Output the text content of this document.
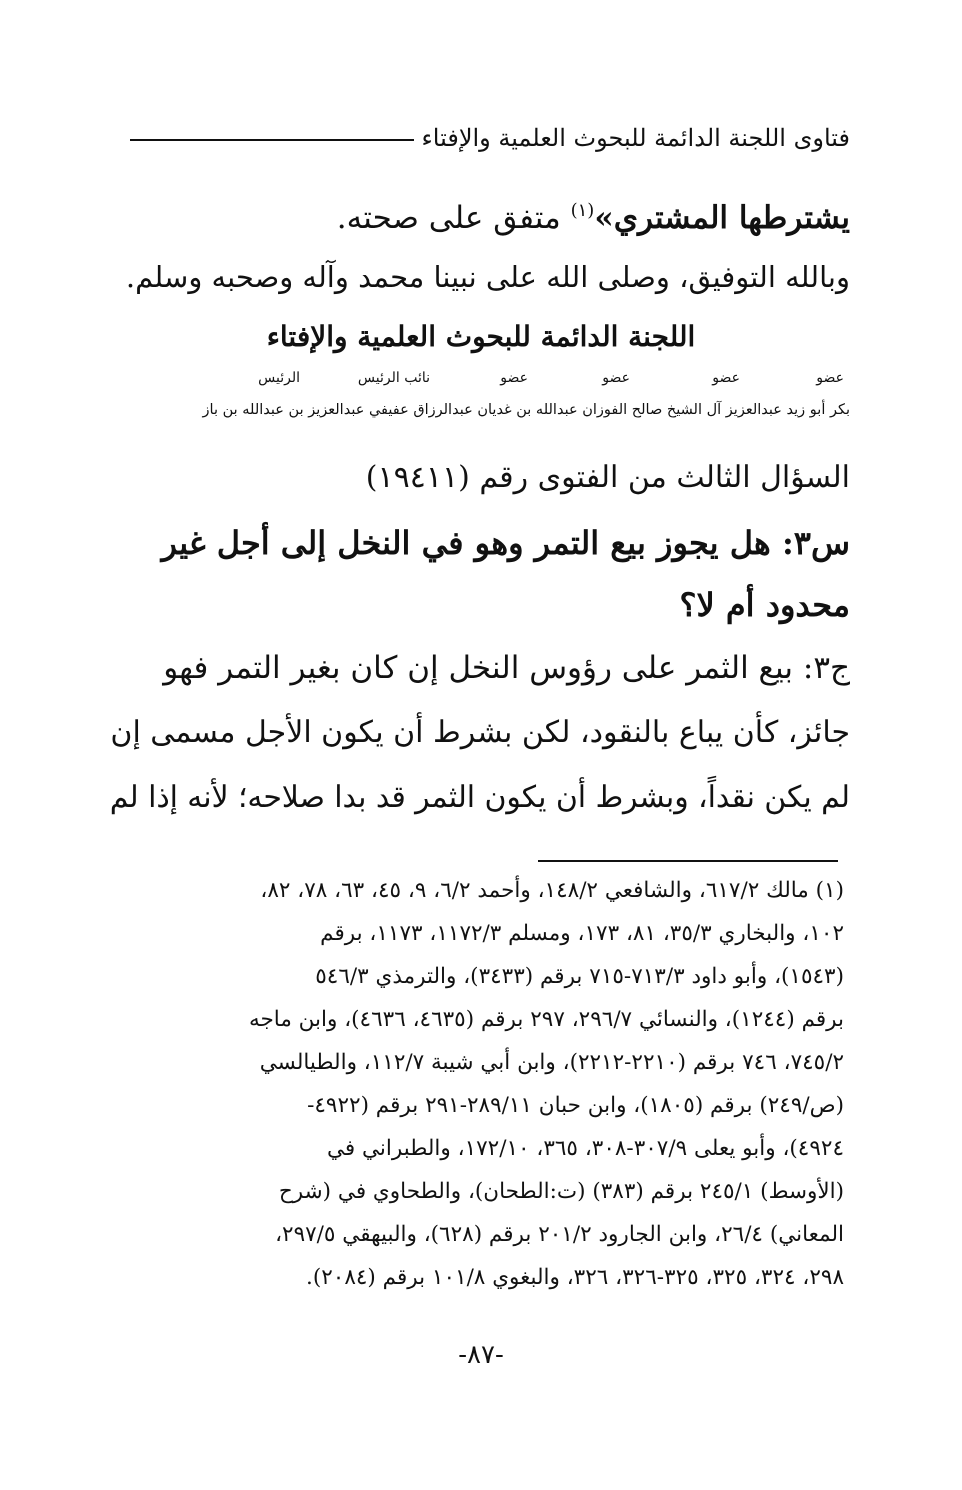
فتاوى اللجنة الدائمة للبحوث العلمية والإفتاء
يشترطها المشتري»$^{(١)}$ متفق على صحته.
وبالله التوفيق، وصلى الله على نبينا محمد وآله وصحبه وسلم.
اللجنة الدائمة للبحوث العلمية والإفتاء
عضو
عضو
عضو
عضو
نائب الرئيس
الرئيس
بكر أبو زيد عبدالعزيز آل الشيخ صالح الفوزان عبدالله بن غديان عبدالرزاق عفيفي عبدالعزيز بن عبدالله بن باز
السؤال الثالث من الفتوى رقم (١٩٤١١)
س٣: هل يجوز بيع التمر وهو في النخل إلى أجل غير
محدود أم لا؟
ج٣: بيع الثمر على رؤوس النخل إن كان بغير التمر فهو
جائز، كأن يباع بالنقود، لكن بشرط أن يكون الأجل مسمى إن
لم يكن نقداً، وبشرط أن يكون الثمر قد بدا صلاحه؛ لأنه إذا لم
(١) مالك ٦١٧/٢، والشافعي ١٤٨/٢، وأحمد ٦/٢، ٩، ٤٥، ٦٣، ٧٨، ٨٢،
١٠٢، والبخاري ٣٥/٣، ٨١، ١٧٣، ومسلم ١١٧٢/٣، ١١٧٣، برقم
(١٥٤٣)، وأبو داود ٧١٣/٣-٧١٥ برقم (٣٤٣٣)، والترمذي ٥٤٦/٣
برقم (١٢٤٤)، والنسائي ٢٩٦/٧، ٢٩٧ برقم (٤٦٣٥، ٤٦٣٦)، وابن ماجه
٧٤٥/٢، ٧٤٦ برقم (٢٢١٠-٢٢١٢)، وابن أبي شيبة ١١٢/٧، والطيالسي
(ص/٢٤٩) برقم (١٨٠٥)، وابن حبان ٢٨٩/١١-٢٩١ برقم (٤٩٢٢-
٤٩٢٤)، وأبو يعلى ٣٠٧/٩-٣٠٨، ٣٦٥، ١٧٢/١٠، والطبراني في
(الأوسط) ٢٤٥/١ برقم (٣٨٣) (ت:الطحان)، والطحاوي في (شرح
المعاني) ٢٦/٤، وابن الجارود ٢٠١/٢ برقم (٦٢٨)، والبيهقي ٢٩٧/٥،
٢٩٨، ٣٢٤، ٣٢٥، ٣٢٥-٣٢٦، ٣٢٦، والبغوي ١٠١/٨ برقم (٢٠٨٤).
-٨٧-
